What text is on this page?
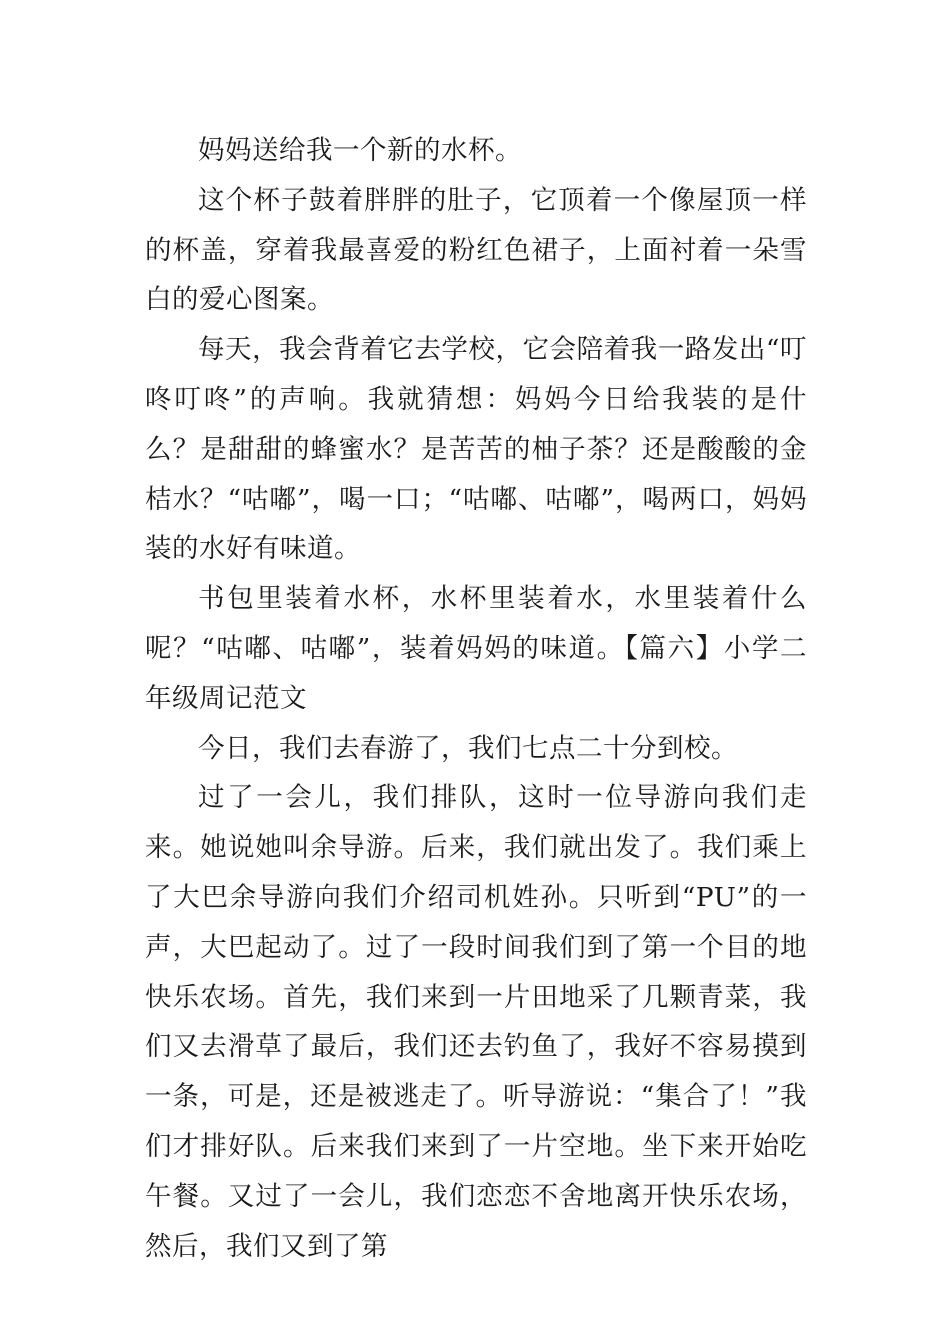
妈妈送给我一个新的水杯。

这个杯子鼓着胖胖的肚子，它顶着一个像屋顶一样的杯盖，穿着我最喜爱的粉红色裙子，上面衬着一朵雪白的爱心图案。

每天，我会背着它去学校，它会陪着我一路发出“叮咚叮咚”的声响。我就猜想：妈妈今日给我装的是什么？是甜甜的蜂蜜水？是苦苦的柚子茶？还是酸酸的金桔水？“咕嘟”，喝一口；“咕嘟、咕嘟”，喝两口，妈妈装的水好有味道。

书包里装着水杯，水杯里装着水，水里装着什么呢？“咕嘟、咕嘟”，装着妈妈的味道。【篇六】小学二年级周记范文

今日，我们去春游了，我们七点二十分到校。

过了一会儿，我们排队，这时一位导游向我们走来。她说她叫余导游。后来，我们就出发了。我们乘上了大巴余导游向我们介绍司机姓孙。只听到“PU”的一声，大巴起动了。过了一段时间我们到了第一个目的地快乐农场。首先，我们来到一片田地采了几颗青菜，我们又去滑草了最后，我们还去钓鱼了，我好不容易摸到一条，可是，还是被逃走了。听导游说：“集合了！”我们才排好队。后来我们来到了一片空地。坐下来开始吃午餐。又过了一会儿，我们恋恋不舍地离开快乐农场，然后，我们又到了第
